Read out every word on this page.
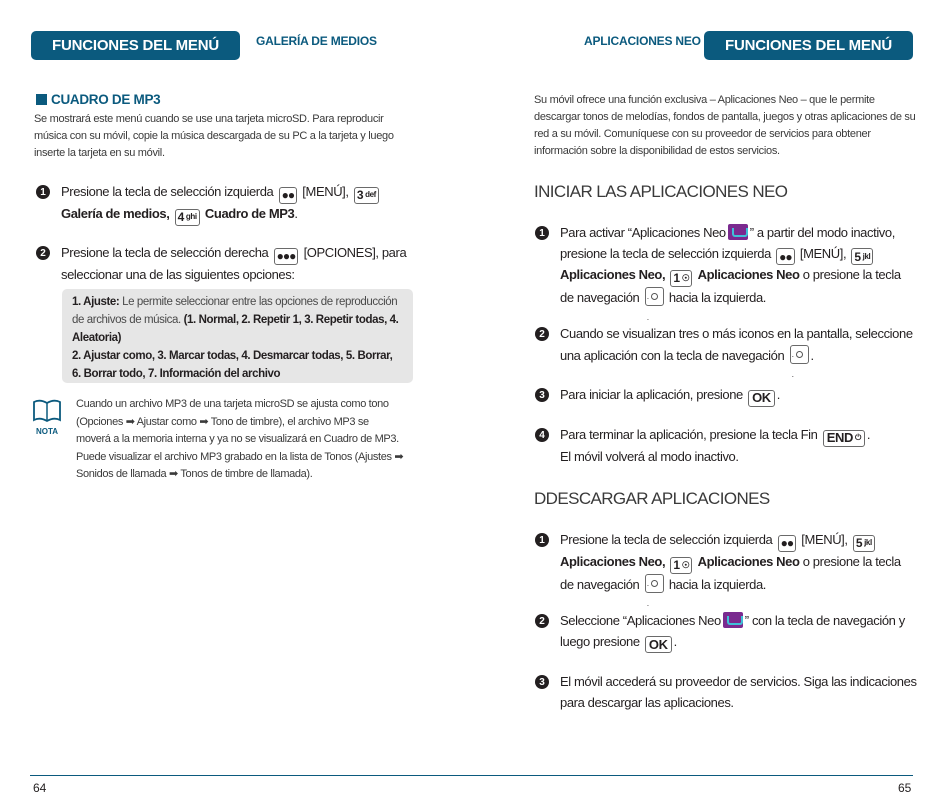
FUNCIONES DEL MENÚ	GALERÍA DE MEDIOS
CUADRO DE MP3
Se mostrará este menú cuando se use una tarjeta microSD. Para reproducir música con su móvil, copie la música descargada de su PC a la tarjeta y luego inserte la tarjeta en su móvil.
1	Presione la tecla de selección izquierda ●● [MENÚ], 3 def

Galería de medios, 4 ghi Cuadro de MP3.
2	Presione la tecla de selección derecha ●●● [OPCIONES], para seleccionar una de las siguientes opciones:
1. Ajuste: Le permite seleccionar entre las opciones de reproducción de archivos de música. (1. Normal, 2. Repetir 1, 3. Repetir todas, 4. Aleatoria)
2. Ajustar como, 3. Marcar todas, 4. Desmarcar todas, 5. Borrar,
6. Borrar todo, 7. Información del archivo
NOTA
Cuando un archivo MP3 de una tarjeta microSD se ajusta como tono (Opciones ➡ Ajustar como ➡ Tono de timbre), el archivo MP3 se moverá a la memoria interna y ya no se visualizará en Cuadro de MP3. Puede visualizar el archivo MP3 grabado en la lista de Tonos (Ajustes ➡ Sonidos de llamada ➡ Tonos de timbre de llamada).
64
APLICACIONES NEO	FUNCIONES DEL MENÚ
Su móvil ofrece una función exclusiva – Aplicaciones Neo – que le permite descargar tonos de melodías, fondos de pantalla, juegos y otras aplicaciones de su red a su móvil. Comuníquese con su proveedor de servicios para obtener información sobre la disponibilidad de estos servicios.
INICIAR LAS APLICACIONES NEO
1	Para activar “Aplicaciones Neo ” a partir del modo inactivo, presione la tecla de selección izquierda ●● [MENÚ], 5 jkl

Aplicaciones Neo, 1 ☉ Aplicaciones Neo o presione la tecla de navegación · · hacia la izquierda.
2	Cuando se visualizan tres o más iconos en la pantalla, seleccione una aplicación con la tecla de navegación · · .
3	Para iniciar la aplicación, presione OK .
4	Para terminar la aplicación, presione la tecla Fin END ⏻ .
El móvil volverá al modo inactivo.
DDESCARGAR APLICACIONES
1	Presione la tecla de selección izquierda ●● [MENÚ], 5 jkl

Aplicaciones Neo, 1 ☉ Aplicaciones Neo o presione la tecla de navegación · · hacia la izquierda.
2	Seleccione “Aplicaciones Neo ” con la tecla de navegación y luego presione OK .
3	El móvil accederá su proveedor de servicios. Siga las indicaciones para descargar las aplicaciones.
65
